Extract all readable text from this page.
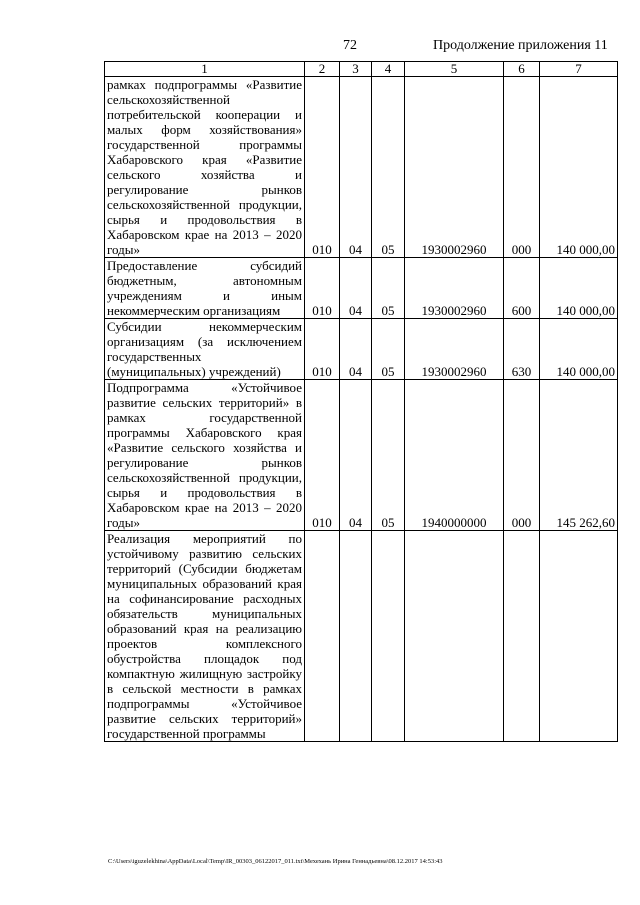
72	Продолжение приложения 11
1	2	3	4	5	6	7
рамках подпрограммы «Развитие сельскохозяйственной потребительской кооперации и малых форм хозяйствования» государственной программы Хабаровского края «Развитие сельского хозяйства и регулирование рынков сельскохозяйственной продукции, сырья и продовольствия в Хабаровском крае на 2013 – 2020 годы»	010	04	05	1930002960	000	140 000,00
Предоставление субсидий бюджетным, автономным учреждениям и иным некоммерческим организациям	010	04	05	1930002960	600	140 000,00
Субсидии некоммерческим организациям (за исключением государственных (муниципальных) учреждений)	010	04	05	1930002960	630	140 000,00
Подпрограмма «Устойчивое развитие сельских территорий» в рамках государственной программы Хабаровского края «Развитие сельского хозяйства и регулирование рынков сельскохозяйственной продукции, сырья и продовольствия в Хабаровском крае на 2013 – 2020 годы»	010	04	05	1940000000	000	145 262,60
Реализация мероприятий по устойчивому развитию сельских территорий (Субсидии бюджетам муниципальных образований края на софинансирование расходных обязательств муниципальных образований края на реализацию проектов комплексного обустройства площадок под компактную жилищную застройку в сельской местности в рамках подпрограммы «Устойчивое развитие сельских территорий» государственной программы						
C:\Users\iguzelekhina\AppData\Local\Temp\IR_00303_06122017_011.txt\Мехехань Ирина Геннадьевна\08.12.2017 14:53:43
